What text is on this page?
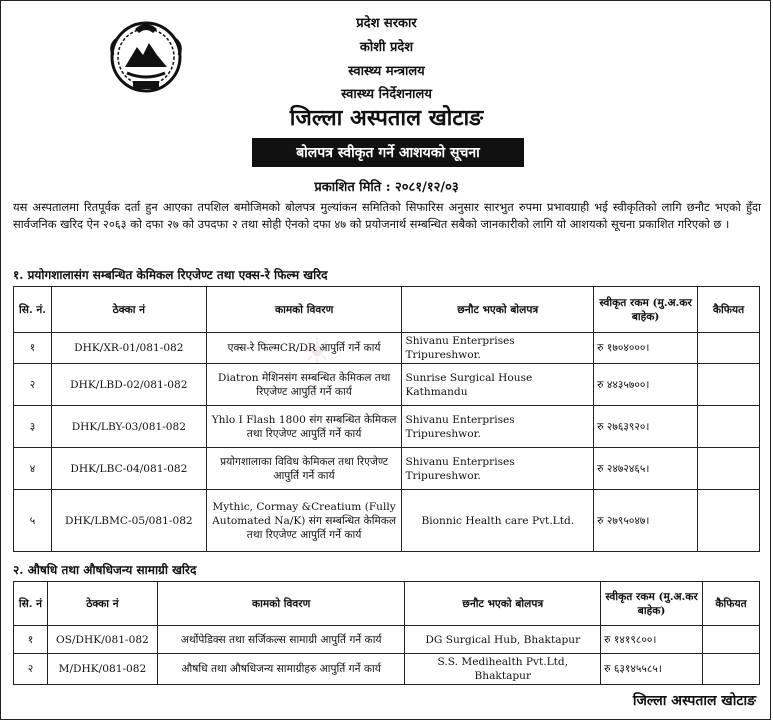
प्रदेश सरकार
कोशी प्रदेश
स्वास्थ्य मन्त्रालय
स्वास्थ्य निर्देशनालय
जिल्ला अस्पताल खोटाङ
बोलपत्र स्वीकृत गर्ने आशयको सूचना
प्रकाशित मिति : २०८१/१२/०३
यस अस्पतालमा रितपूर्वक दर्ता हुन आएका तपशिल बमोजिमको बोलपत्र मुल्यांकन समितिको सिफारिस अनुसार सारभुत रुपमा प्रभावग्राही भई स्वीकृतिको लागि छनौट भएको हुँदा सार्वजनिक खरिद ऐन २०६३ को दफा २७ को उपदफा २ तथा सोही ऐनको दफा ४७ को प्रयोजनार्थ सम्बन्धित सबैको जानकारीको लागि यो आशयको सूचना प्रकाशित गरिएको छ ।
☀
१. प्रयोगशालासंग सम्बन्धित केमिकल रिएजेण्ट तथा एक्स-रे फिल्म खरिद
सि. नं.	ठेक्का नं	कामको विवरण	छनौट भएको बोलपत्र	स्वीकृत रकम (मु.अ.कर बाहेक)	कैफियत
१	DHK/XR-01/081-082	एक्स-रे फिल्मCR/DR आपुर्ति गर्ने कार्य	Shivanu Enterprises Tripureshwor.	रु १७०४०००।	
२	DHK/LBD-02/081-082	Diatron मेशिनसंग सम्बन्धित केमिकल तथा रिएजेण्ट आपुर्ति गर्ने कार्य	Sunrise Surgical House Kathmandu	रु ४४३५७००।	
३	DHK/LBY-03/081-082	Yhlo I Flash 1800 संग सम्बन्धित केमिकल तथा रिएजेण्ट आपुर्ति गर्ने कार्य	Shivanu Enterprises Tripureshwor.	रु २७६३९२०।	
४	DHK/LBC-04/081-082	प्रयोगशालाका विविध केमिकल तथा रिएजेण्ट आपुर्ति गर्ने कार्य	Shivanu Enterprises Tripureshwor.	रु २४७२४६५।	
५	DHK/LBMC-05/081-082	Mythic, Cormay &Creatium (Fully Automated Na/K) संग सम्बन्धित केमिकल तथा रिएजेण्ट आपुर्ति गर्ने कार्य	Bionnic Health care Pvt.Ltd.	रु २७९५०४७।	
२. औषधि तथा औषधिजन्य सामाग्री खरिद
सि. नं	ठेक्का नं	कामको विवरण	छनौट भएको बोलपत्र	स्वीकृत रकम (मु.अ.कर बाहेक)	कैफियत
१	OS/DHK/081-082	अर्थोपेडिक्स तथा सर्जिकल्स सामाग्री आपुर्ति गर्ने कार्य	DG Surgical Hub, Bhaktapur	रु १४१९८००।	
२	M/DHK/081-082	औषधि तथा औषधिजन्य सामाग्रीहरु आपुर्ति गर्ने कार्य	S.S. Medihealth Pvt.Ltd, Bhaktapur	रु ६३१४५५८५।	
जिल्ला अस्पताल खोटाङ
